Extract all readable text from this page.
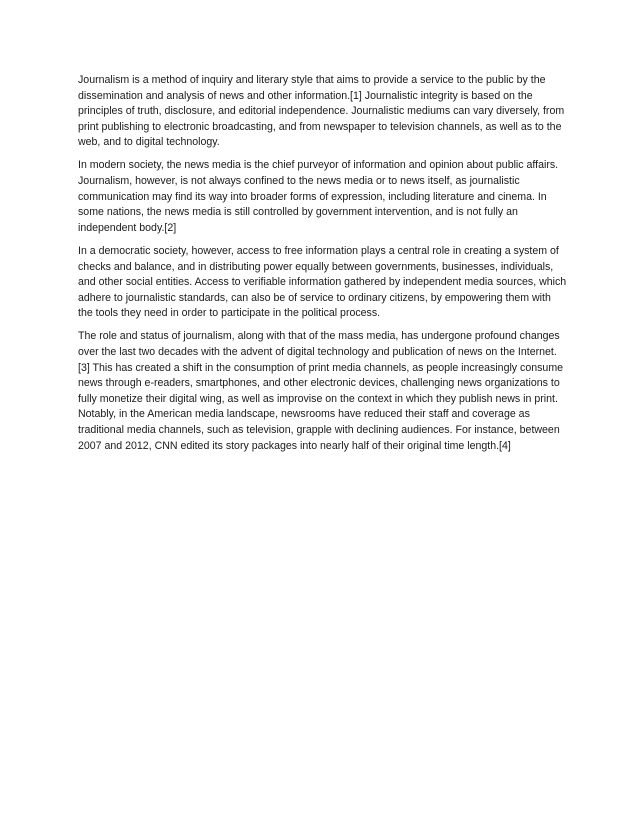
Journalism is a method of inquiry and literary style that aims to provide a service to the public by the dissemination and analysis of news and other information.[1] Journalistic integrity is based on the principles of truth, disclosure, and editorial independence. Journalistic mediums can vary diversely, from print publishing to electronic broadcasting, and from newspaper to television channels, as well as to the web, and to digital technology.

In modern society, the news media is the chief purveyor of information and opinion about public affairs. Journalism, however, is not always confined to the news media or to news itself, as journalistic communication may find its way into broader forms of expression, including literature and cinema. In some nations, the news media is still controlled by government intervention, and is not fully an independent body.[2]

In a democratic society, however, access to free information plays a central role in creating a system of checks and balance, and in distributing power equally between governments, businesses, individuals, and other social entities. Access to verifiable information gathered by independent media sources, which adhere to journalistic standards, can also be of service to ordinary citizens, by empowering them with the tools they need in order to participate in the political process.

The role and status of journalism, along with that of the mass media, has undergone profound changes over the last two decades with the advent of digital technology and publication of news on the Internet.[3] This has created a shift in the consumption of print media channels, as people increasingly consume news through e-readers, smartphones, and other electronic devices, challenging news organizations to fully monetize their digital wing, as well as improvise on the context in which they publish news in print. Notably, in the American media landscape, newsrooms have reduced their staff and coverage as traditional media channels, such as television, grapple with declining audiences. For instance, between 2007 and 2012, CNN edited its story packages into nearly half of their original time length.[4]
